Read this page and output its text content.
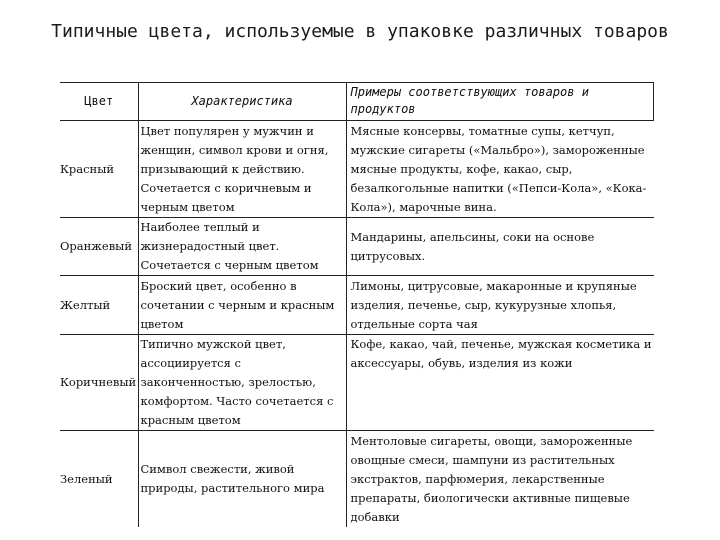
Типичные цвета, используемые в упаковке различных товаров
Цвет	Характеристика	Примеры соответствующих товаров и продуктов
Красный	Цвет популярен у мужчин и женщин, символ крови и огня, призывающий к действию. Сочетается с коричневым и черным цветом	Мясные консервы, томатные супы, кетчуп, мужские сигареты («Мальбро»), замороженные мясные продукты, кофе, какао, сыр, безалкогольные напитки («Пепси-Кола», «Кока-Кола»), марочные вина.
Оранжевый	Наиболее теплый и жизнерадостный цвет. Сочетается с черным цветом	Мандарины, апельсины, соки на основе цитрусовых.
Желтый	Броский цвет, особенно в сочетании с черным и красным цветом	Лимоны, цитрусовые, макаронные и крупяные изделия, печенье, сыр, кукурузные хлопья, отдельные сорта чая
Коричневый	Типично мужской цвет, ассоциируется с законченностью, зрелостью, комфортом. Часто сочетается с красным цветом	Кофе, какао, чай, печенье, мужская косметика и аксессуары, обувь, изделия из кожи
Зеленый	Символ свежести, живой природы, растительного мира	Ментоловые сигареты, овощи, замороженные овощные смеси, шампуни из растительных экстрактов, парфюмерия, лекарственные препараты, биологически активные пищевые добавки
